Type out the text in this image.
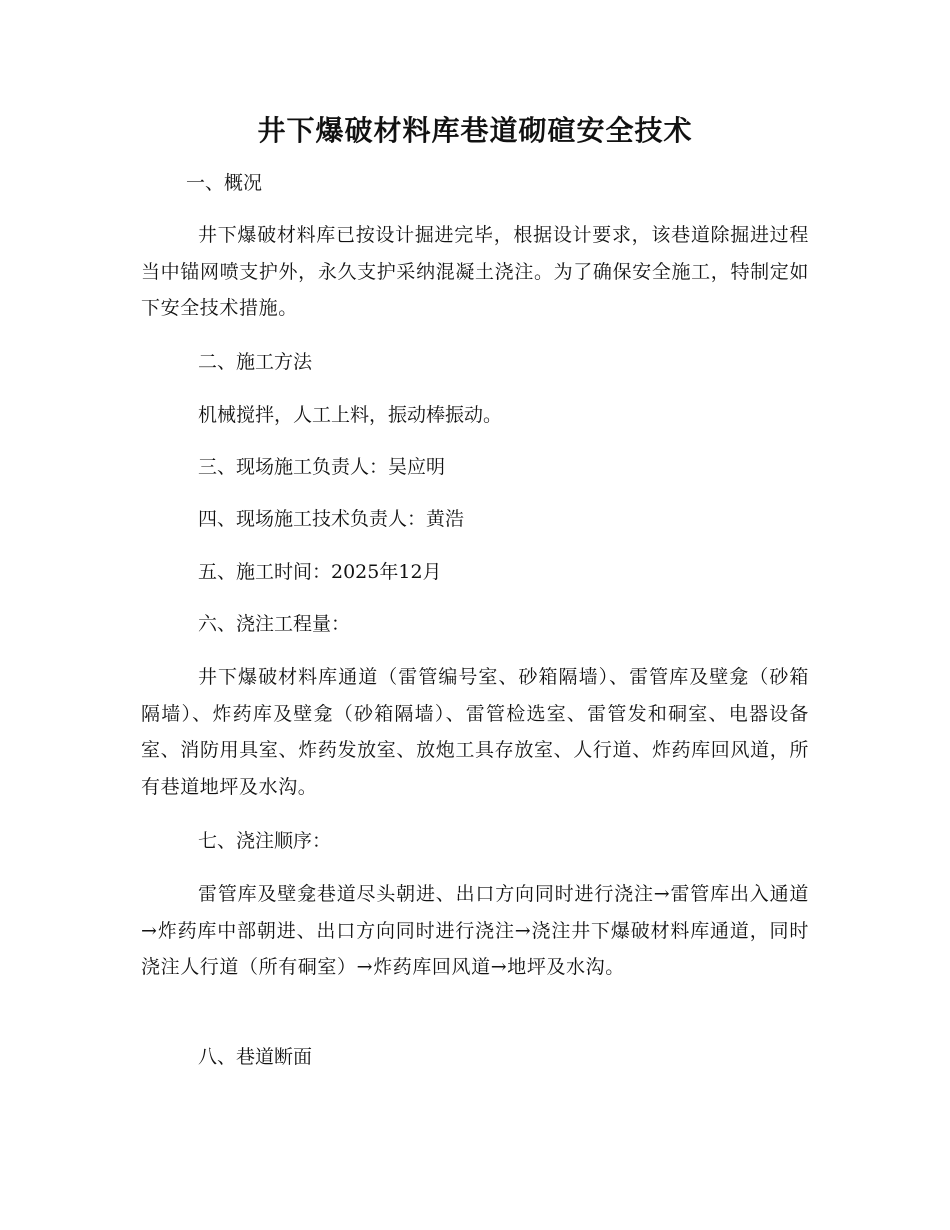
井下爆破材料库巷道砌碹安全技术

一、概况

井下爆破材料库已按设计掘进完毕，根据设计要求，该巷道除掘进过程当中锚网喷支护外，永久支护采纳混凝土浇注。为了确保安全施工，特制定如下安全技术措施。

二、施工方法

机械搅拌，人工上料，振动棒振动。

三、现场施工负责人：吴应明

四、现场施工技术负责人：黄浩

五、施工时间：2025年12月

六、浇注工程量：

井下爆破材料库通道（雷管编号室、砂箱隔墙）、雷管库及壁龛（砂箱隔墙）、炸药库及壁龛（砂箱隔墙）、雷管检选室、雷管发和硐室、电器设备室、消防用具室、炸药发放室、放炮工具存放室、人行道、炸药库回风道，所有巷道地坪及水沟。

七、浇注顺序：

雷管库及壁龛巷道尽头朝进、出口方向同时进行浇注→雷管库出入通道→炸药库中部朝进、出口方向同时进行浇注→浇注井下爆破材料库通道，同时浇注人行道（所有硐室）→炸药库回风道→地坪及水沟。

八、巷道断面
